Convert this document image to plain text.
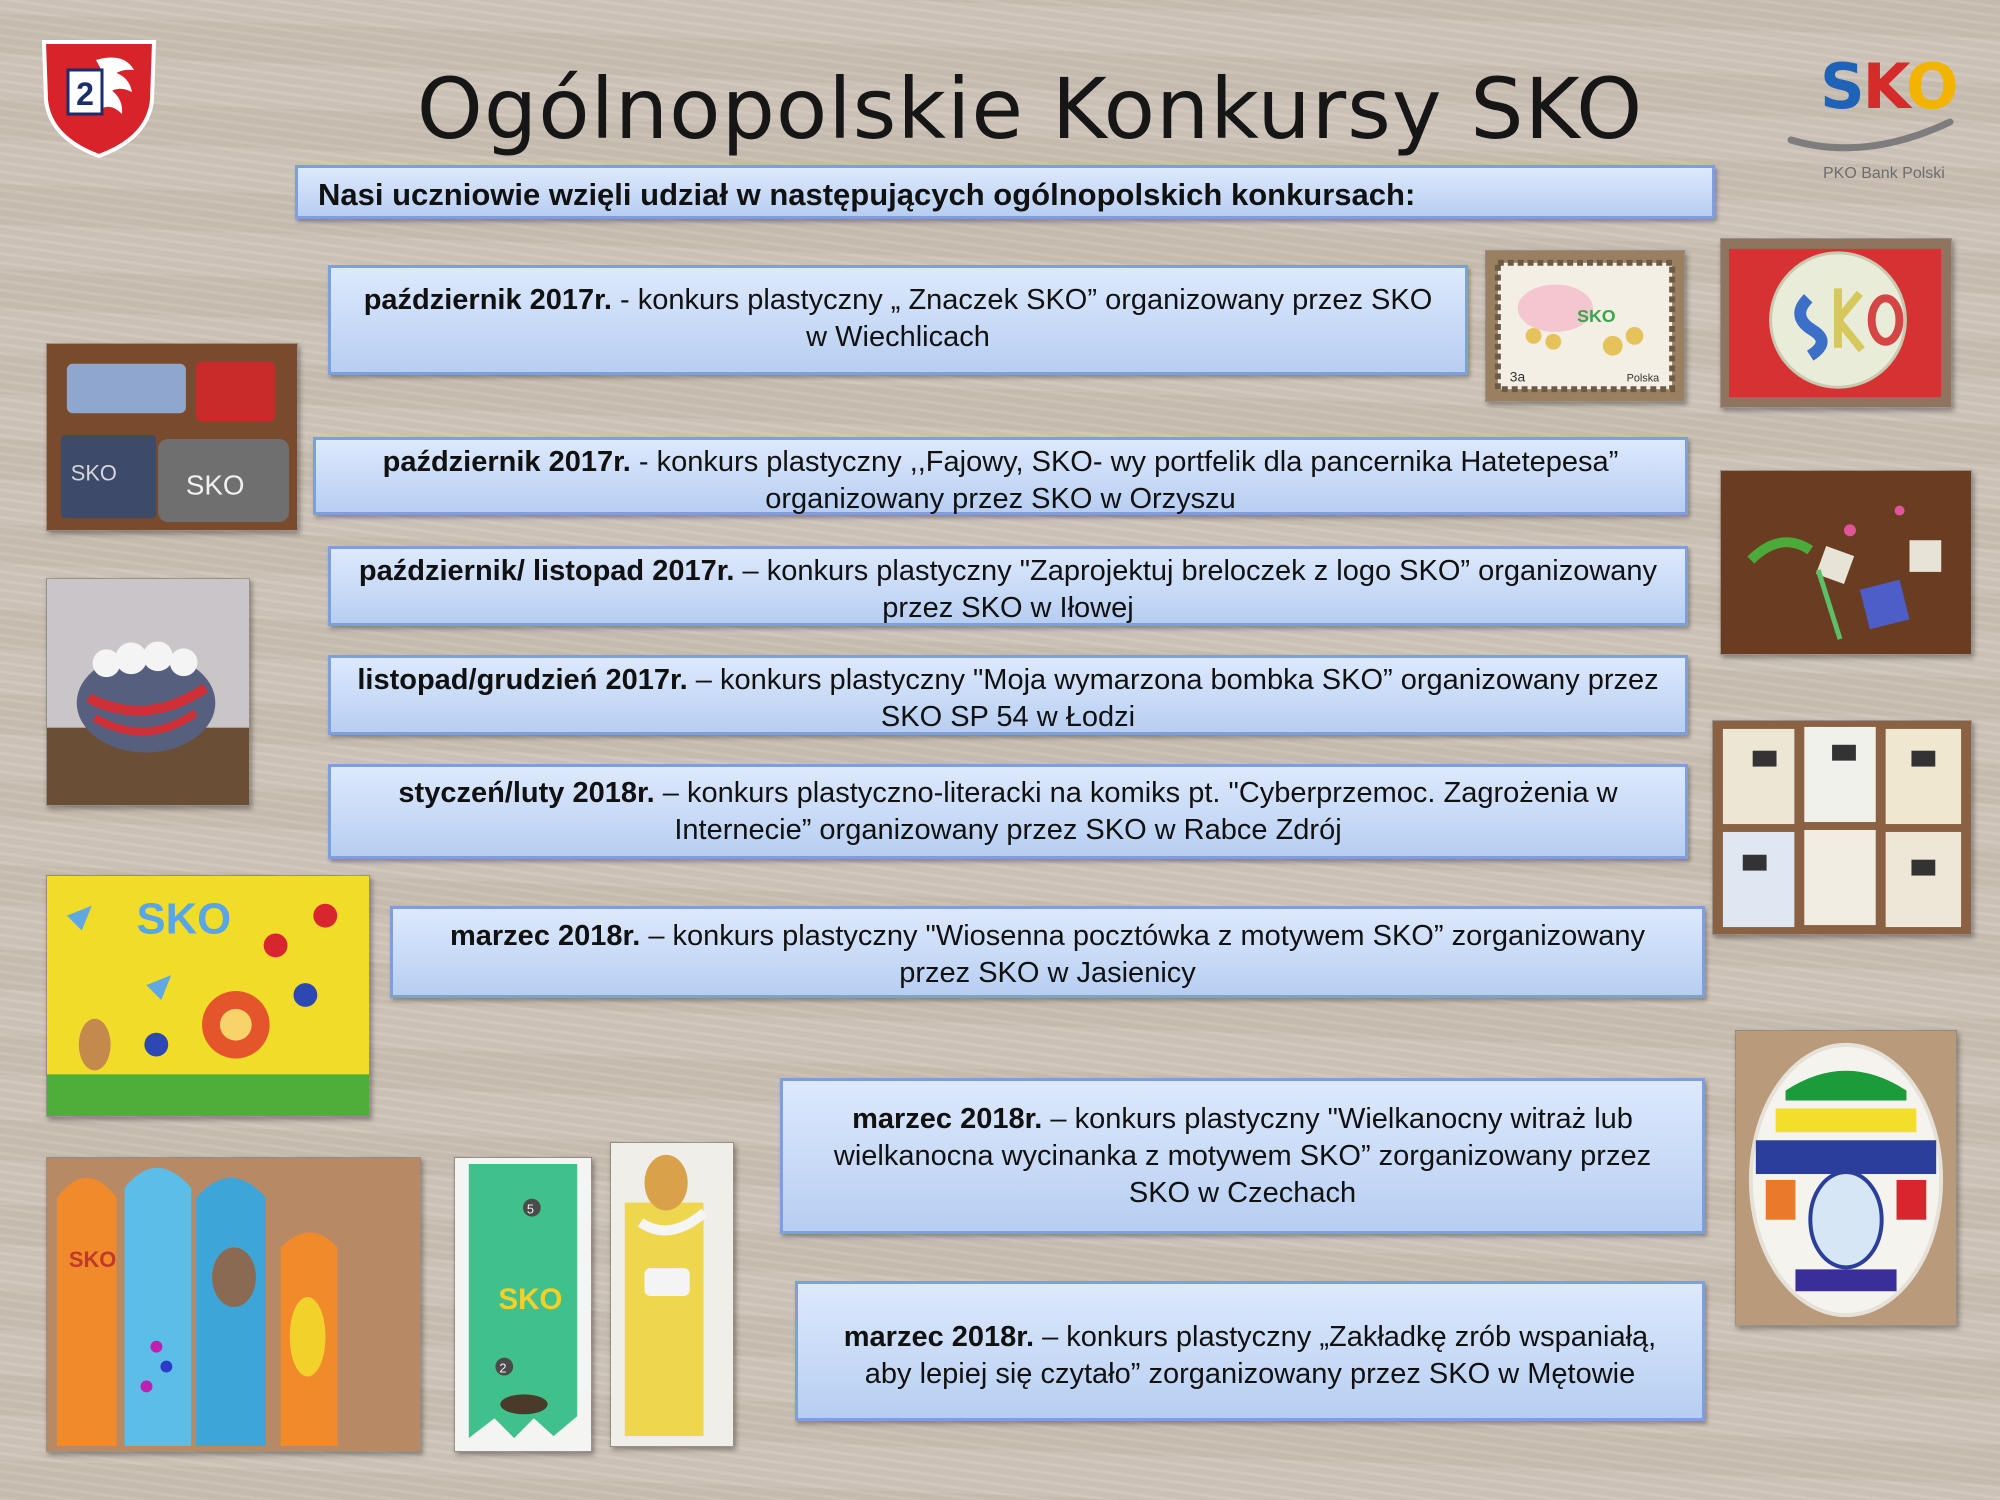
2	Ogólnopolskie Konkursy SKO	SKO
PKO Bank Polski
Nasi uczniowie wzięli udział w następujących ogólnopolskich konkursach:
październik 2017r. - konkurs plastyczny „ Znaczek SKO” organizowany przez SKO w Wiechlicach
październik 2017r. - konkurs plastyczny ,,Fajowy, SKO- wy portfelik dla pancernika Hatetepesa” organizowany przez SKO w Orzyszu
październik/ listopad 2017r. – konkurs plastyczny "Zaprojektuj breloczek z logo SKO” organizowany przez SKO w Iłowej
listopad/grudzień 2017r. – konkurs plastyczny "Moja wymarzona bombka SKO” organizowany przez SKO SP 54 w Łodzi
styczeń/luty 2018r. – konkurs plastyczno-literacki na komiks pt. "Cyberprzemoc. Zagrożenia w Internecie” organizowany przez SKO w Rabce Zdrój
marzec 2018r. – konkurs plastyczny "Wiosenna pocztówka z motywem SKO” zorganizowany przez SKO w Jasienicy
marzec 2018r. – konkurs plastyczny "Wielkanocny witraż lub wielkanocna wycinanka z motywem SKO” zorganizowany przez SKO w Czechach
marzec 2018r. – konkurs plastyczny „Zakładkę zrób wspaniałą, aby lepiej się czytało” zorganizowany przez SKO w Mętowie
SKO
3a	Polska
SKO SKO
SKO
SKO
5
SKO
2
